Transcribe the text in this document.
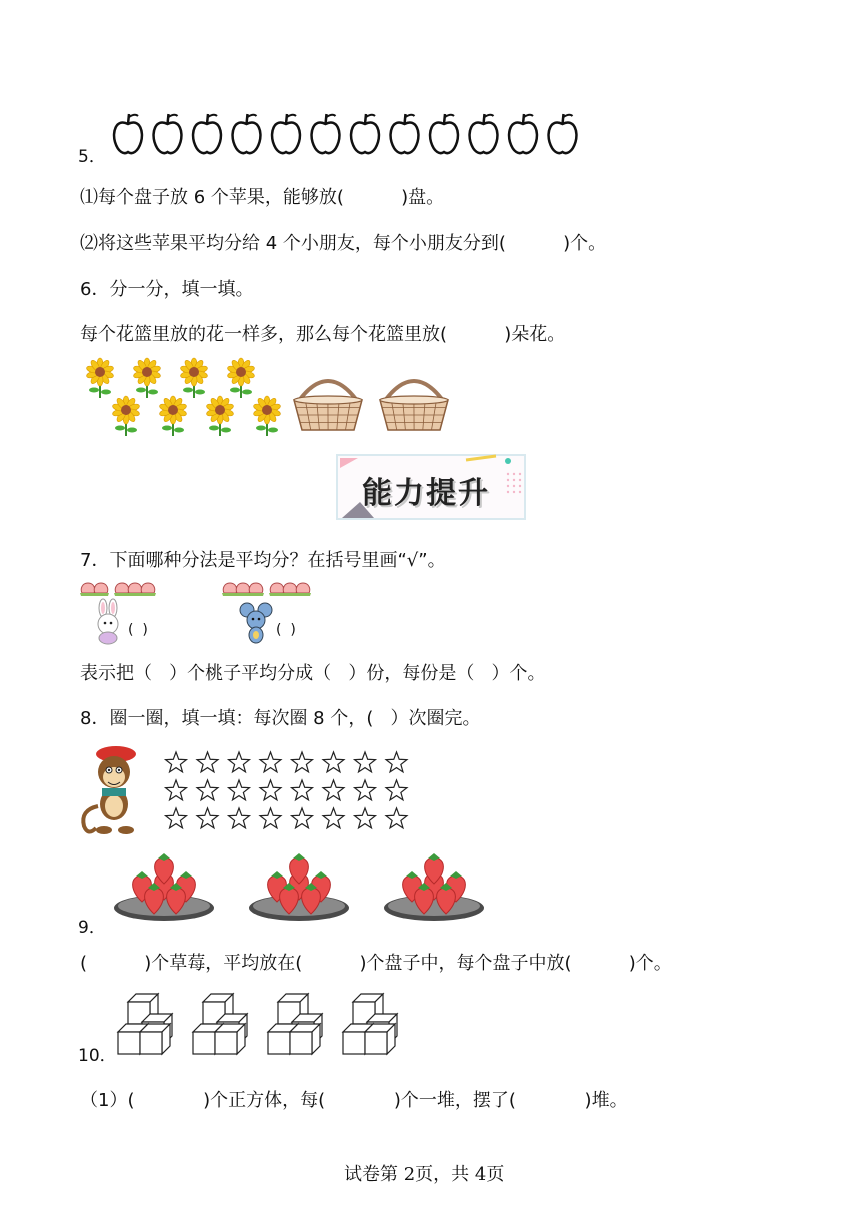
5．
⑴每个盘子放 6 个苹果，能够放(          )盘。
⑵将这些苹果平均分给 4 个小朋友，每个小朋友分到(          )个。
6．分一分，填一填。
每个花篮里放的花一样多，那么每个花篮里放(          )朵花。
能力提升
7．下面哪种分法是平均分？在括号里画“√”。
(  )	(  )
表示把（   ）个桃子平均分成（   ）份，每份是（   ）个。
8．圈一圈，填一填：每次圈 8 个，(   ）次圈完。
9．
(          )个草莓，平均放在(          )个盘子中，每个盘子中放(          )个。
10．
（1）(            )个正方体，每(            )个一堆，摆了(            )堆。
试卷第 2页，共 4页
